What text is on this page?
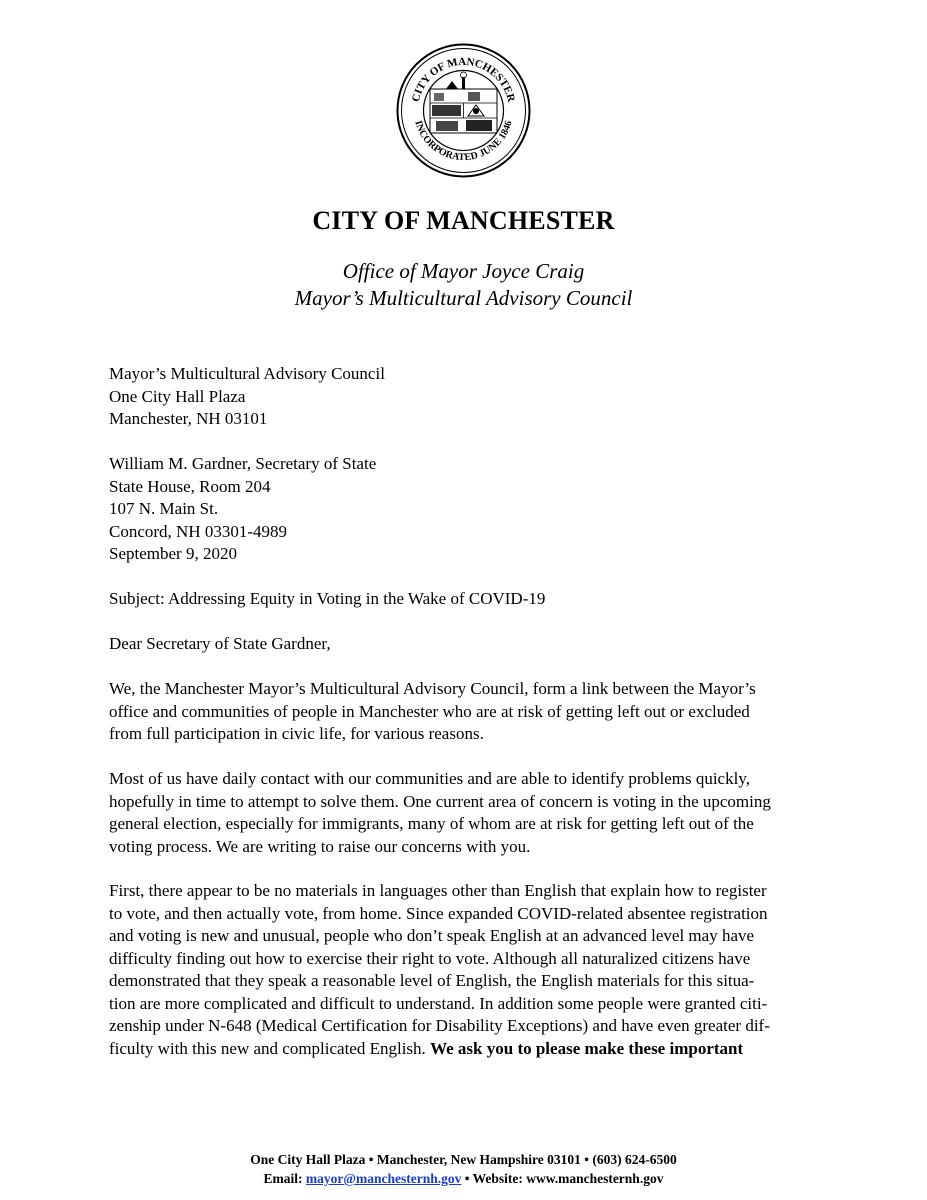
CITY OF MANCHESTER
INCORPORATED JUNE 1846
CITY OF MANCHESTER
Office of Mayor Joyce Craig
Mayor’s Multicultural Advisory Council
Mayor’s Multicultural Advisory Council
One City Hall Plaza
Manchester, NH 03101
William M. Gardner, Secretary of State
State House, Room 204
107 N. Main St.
Concord, NH 03301-4989
September 9, 2020
Subject: Addressing Equity in Voting in the Wake of COVID-19
Dear Secretary of State Gardner,
We, the Manchester Mayor’s Multicultural Advisory Council, form a link between the Mayor’s
office and communities of people in Manchester who are at risk of getting left out or excluded
from full participation in civic life, for various reasons.
Most of us have daily contact with our communities and are able to identify problems quickly,
hopefully in time to attempt to solve them. One current area of concern is voting in the upcoming
general election, especially for immigrants, many of whom are at risk for getting left out of the
voting process. We are writing to raise our concerns with you.
First, there appear to be no materials in languages other than English that explain how to register
to vote, and then actually vote, from home. Since expanded COVID-related absentee registration
and voting is new and unusual, people who don’t speak English at an advanced level may have
difficulty finding out how to exercise their right to vote. Although all naturalized citizens have
demonstrated that they speak a reasonable level of English, the English materials for this situa-
tion are more complicated and difficult to understand. In addition some people were granted citi-
zenship under N-648 (Medical Certification for Disability Exceptions) and have even greater dif-
ficulty with this new and complicated English. We ask you to please make these important
One City Hall Plaza • Manchester, New Hampshire 03101 • (603) 624-6500
Email: mayor@manchesternh.gov • Website: www.manchesternh.gov
